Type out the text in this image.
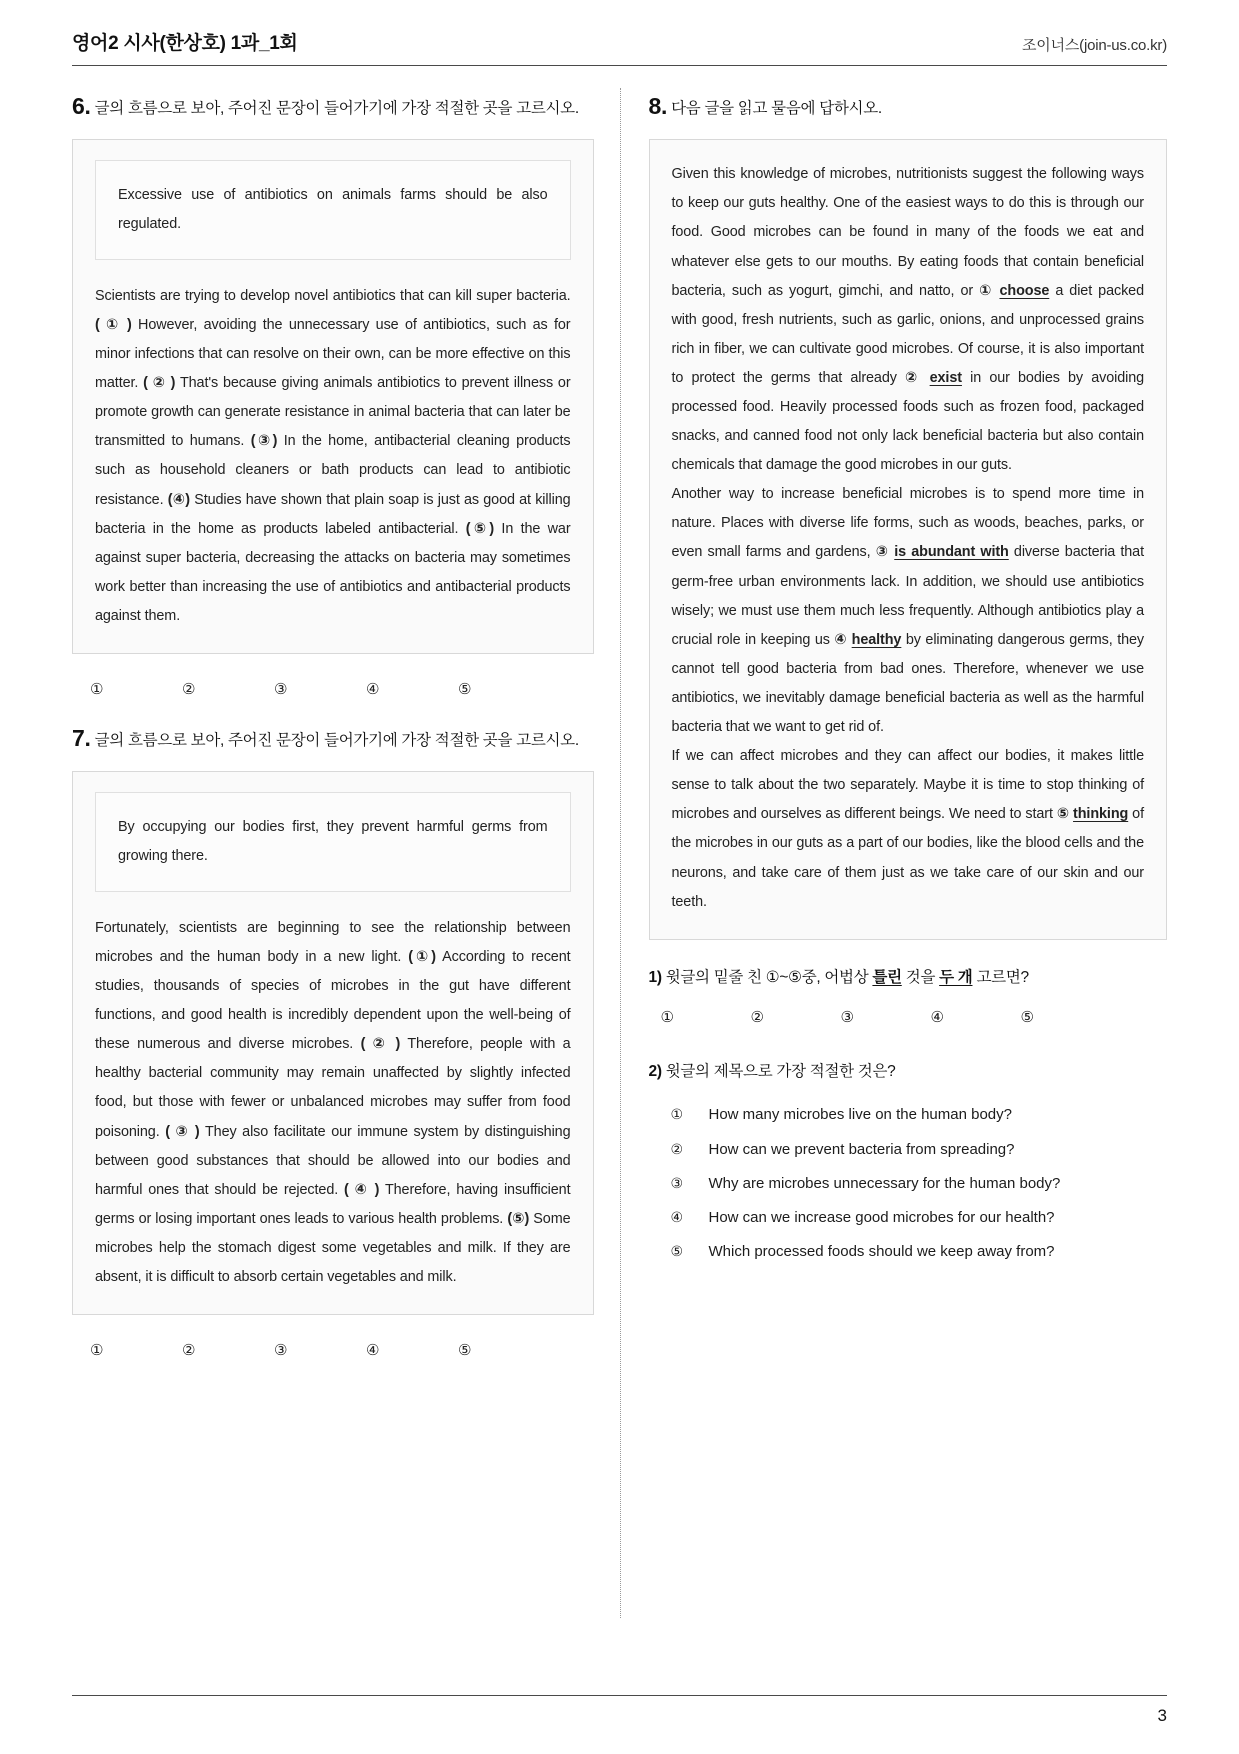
영어2 시사(한상호) 1과_1회	조이너스(join-us.co.kr)
6. 글의 흐름으로 보아, 주어진 문장이 들어가기에 가장 적절한 곳을 고르시오.

Excessive use of antibiotics on animals farms should be also regulated.

Scientists are trying to develop novel antibiotics that can kill super bacteria. ( ① ) However, avoiding the unnecessary use of antibiotics, such as for minor infections that can resolve on their own, can be more effective on this matter. ( ② ) That's because giving animals antibiotics to prevent illness or promote growth can generate resistance in animal bacteria that can later be transmitted to humans. (③) In the home, antibacterial cleaning products such as household cleaners or bath products can lead to antibiotic resistance. (④) Studies have shown that plain soap is just as good at killing bacteria in the home as products labeled antibacterial. (⑤) In the war against super bacteria, decreasing the attacks on bacteria may sometimes work better than increasing the use of antibiotics and antibacterial products against them.

①	②	③	④	⑤
7. 글의 흐름으로 보아, 주어진 문장이 들어가기에 가장 적절한 곳을 고르시오.

By occupying our bodies first, they prevent harmful germs from growing there.

Fortunately, scientists are beginning to see the relationship between microbes and the human body in a new light. (①) According to recent studies, thousands of species of microbes in the gut have different functions, and good health is incredibly dependent upon the well-being of these numerous and diverse microbes. ( ② ) Therefore, people with a healthy bacterial community may remain unaffected by slightly infected food, but those with fewer or unbalanced microbes may suffer from food poisoning. ( ③ ) They also facilitate our immune system by distinguishing between good substances that should be allowed into our bodies and harmful ones that should be rejected. ( ④ ) Therefore, having insufficient germs or losing important ones leads to various health problems. (⑤) Some microbes help the stomach digest some vegetables and milk. If they are absent, it is difficult to absorb certain vegetables and milk.

①	②	③	④	⑤
8. 다음 글을 읽고 물음에 답하시오.

Given this knowledge of microbes, nutritionists suggest the following ways to keep our guts healthy. One of the easiest ways to do this is through our food. Good microbes can be found in many of the foods we eat and whatever else gets to our mouths. By eating foods that contain beneficial bacteria, such as yogurt, gimchi, and natto, or ① choose a diet packed with good, fresh nutrients, such as garlic, onions, and unprocessed grains rich in fiber, we can cultivate good microbes. Of course, it is also important to protect the germs that already ② exist in our bodies by avoiding processed food. Heavily processed foods such as frozen food, packaged snacks, and canned food not only lack beneficial bacteria but also contain chemicals that damage the good microbes in our guts.

Another way to increase beneficial microbes is to spend more time in nature. Places with diverse life forms, such as woods, beaches, parks, or even small farms and gardens, ③ is abundant with diverse bacteria that germ-free urban environments lack. In addition, we should use antibiotics wisely; we must use them much less frequently. Although antibiotics play a crucial role in keeping us ④ healthy by eliminating dangerous germs, they cannot tell good bacteria from bad ones. Therefore, whenever we use antibiotics, we inevitably damage beneficial bacteria as well as the harmful bacteria that we want to get rid of.

If we can affect microbes and they can affect our bodies, it makes little sense to talk about the two separately. Maybe it is time to stop thinking of microbes and ourselves as different beings. We need to start ⑤ thinking of the microbes in our guts as a part of our bodies, like the blood cells and the neurons, and take care of them just as we take care of our skin and our teeth.

1) 윗글의 밑줄 친 ①~⑤중, 어법상 틀린 것을 두 개 고르면?
①	②	③	④	⑤
2) 윗글의 제목으로 가장 적절한 것은?
①	How many microbes live on the human body?
②	How can we prevent bacteria from spreading?
③	Why are microbes unnecessary for the human body?
④	How can we increase good microbes for our health?
⑤	Which processed foods should we keep away from?
3
